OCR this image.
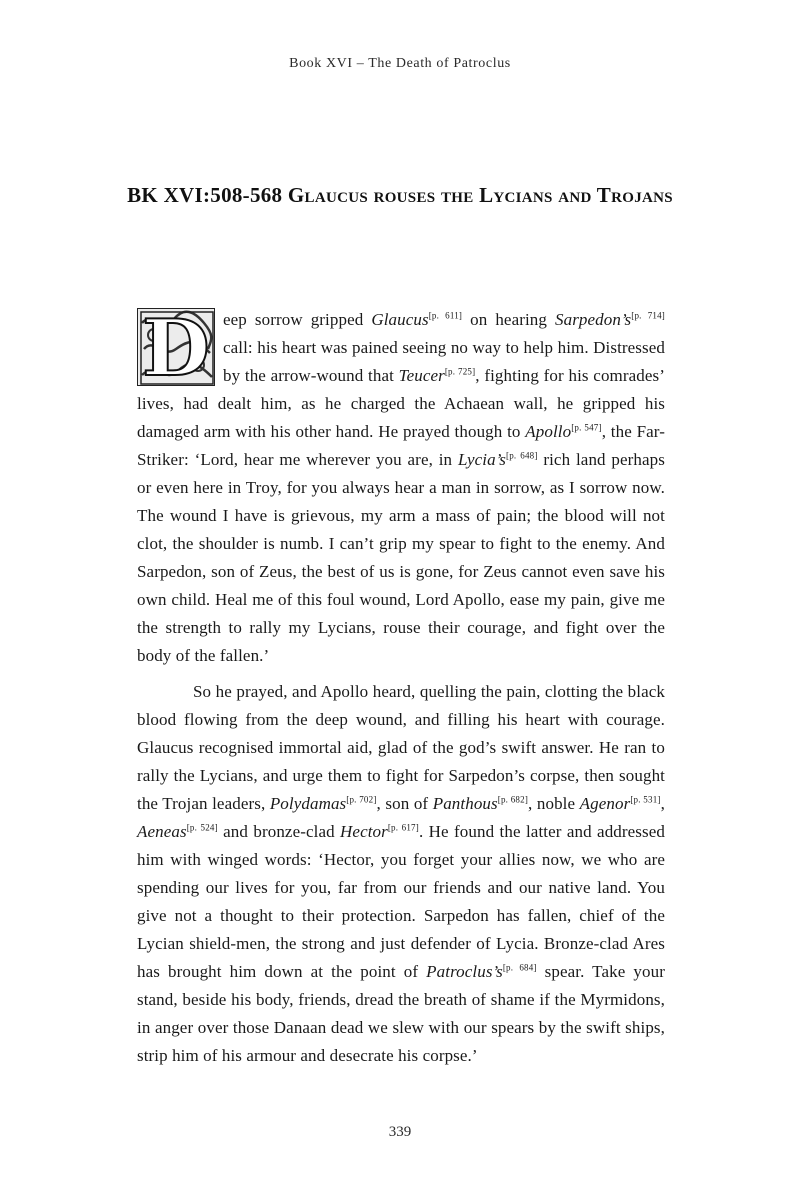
Book XVI – The Death of Patroclus
BK XVI:508-568 Glaucus rouses the Lycians and Trojans

D eep sorrow gripped Glaucus[p. 611] on hearing Sarpedon’s[p. 714] call: his heart was pained seeing no way to help him. Distressed by the arrow-wound that Teucer[p. 725], fighting for his comrades’ lives, had dealt him, as he charged the Achaean wall, he gripped his damaged arm with his other hand. He prayed though to Apollo[p. 547], the Far-Striker: ‘Lord, hear me wherever you are, in Lycia’s[p. 648] rich land perhaps or even here in Troy, for you always hear a man in sorrow, as I sorrow now. The wound I have is grievous, my arm a mass of pain; the blood will not clot, the shoulder is numb. I can’t grip my spear to fight to the enemy. And Sarpedon, son of Zeus, the best of us is gone, for Zeus cannot even save his own child. Heal me of this foul wound, Lord Apollo, ease my pain, give me the strength to rally my Lycians, rouse their courage, and fight over the body of the fallen.’

So he prayed, and Apollo heard, quelling the pain, clotting the black blood flowing from the deep wound, and filling his heart with courage. Glaucus recognised immortal aid, glad of the god’s swift answer. He ran to rally the Lycians, and urge them to fight for Sarpedon’s corpse, then sought the Trojan leaders, Polydamas[p. 702], son of Panthous[p. 682], noble Agenor[p. 531], Aeneas[p. 524] and bronze-clad Hector[p. 617]. He found the latter and addressed him with winged words: ‘Hector, you forget your allies now, we who are spending our lives for you, far from our friends and our native land. You give not a thought to their protection. Sarpedon has fallen, chief of the Lycian shield-men, the strong and just defender of Lycia. Bronze-clad Ares has brought him down at the point of Patroclus’s[p. 684] spear. Take your stand, beside his body, friends, dread the breath of shame if the Myrmidons, in anger over those Danaan dead we slew with our spears by the swift ships, strip him of his armour and desecrate his corpse.’

339
